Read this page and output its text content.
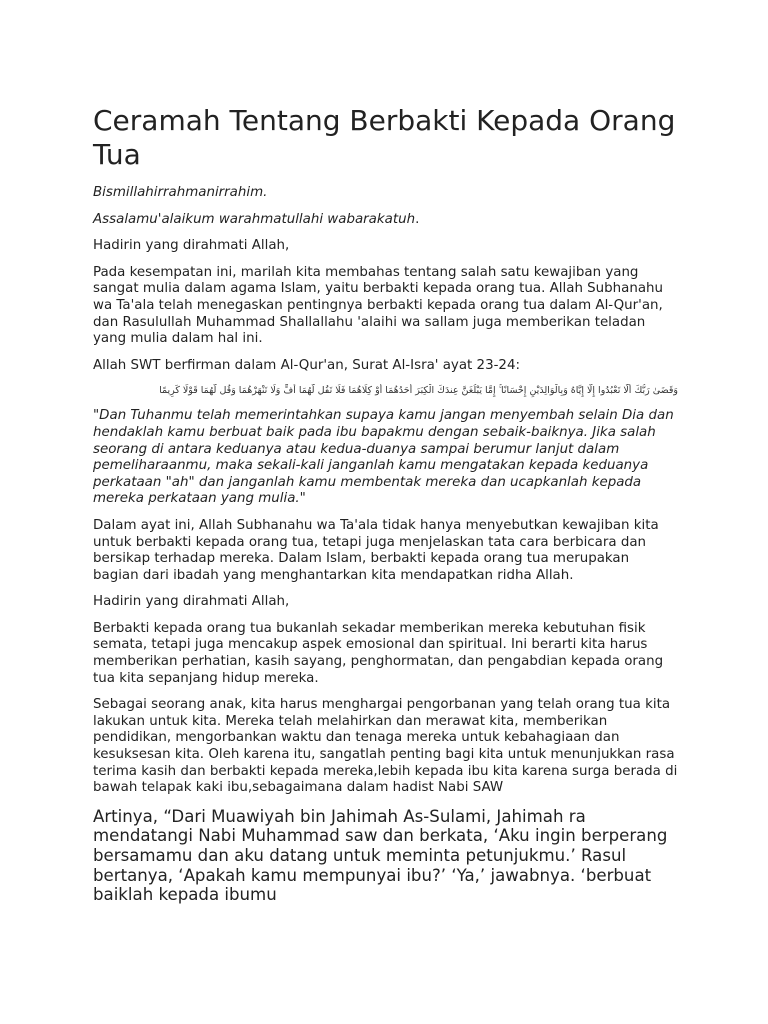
Ceramah Tentang Berbakti Kepada Orang Tua

Bismillahirrahmanirrahim.

Assalamu'alaikum warahmatullahi wabarakatuh.

Hadirin yang dirahmati Allah,

Pada kesempatan ini, marilah kita membahas tentang salah satu kewajiban yang sangat mulia dalam agama Islam, yaitu berbakti kepada orang tua. Allah Subhanahu wa Ta'ala telah menegaskan pentingnya berbakti kepada orang tua dalam Al-Qur'an, dan Rasulullah Muhammad Shallallahu 'alaihi wa sallam juga memberikan teladan yang mulia dalam hal ini.

Allah SWT berfirman dalam Al-Qur'an, Surat Al-Isra' ayat 23-24:

وَقَضَىٰ رَبُّكَ أَلَّا تَعْبُدُوا إِلَّا إِيَّاهُ وَبِالْوَالِدَيْنِ إِحْسَانًا ۚ إِمَّا يَبْلُغَنَّ عِندَكَ الْكِبَرَ أَحَدُهُمَا أَوْ كِلَاهُمَا فَلَا تَقُل لَّهُمَا أُفٍّ وَلَا تَنْهَرْهُمَا وَقُل لَّهُمَا قَوْلًا كَرِيمًا

"Dan Tuhanmu telah memerintahkan supaya kamu jangan menyembah selain Dia dan hendaklah kamu berbuat baik pada ibu bapakmu dengan sebaik-baiknya. Jika salah seorang di antara keduanya atau kedua-duanya sampai berumur lanjut dalam pemeliharaanmu, maka sekali-kali janganlah kamu mengatakan kepada keduanya perkataan "ah" dan janganlah kamu membentak mereka dan ucapkanlah kepada mereka perkataan yang mulia."

Dalam ayat ini, Allah Subhanahu wa Ta'ala tidak hanya menyebutkan kewajiban kita untuk berbakti kepada orang tua, tetapi juga menjelaskan tata cara berbicara dan bersikap terhadap mereka. Dalam Islam, berbakti kepada orang tua merupakan bagian dari ibadah yang menghantarkan kita mendapatkan ridha Allah.

Hadirin yang dirahmati Allah,

Berbakti kepada orang tua bukanlah sekadar memberikan mereka kebutuhan fisik semata, tetapi juga mencakup aspek emosional dan spiritual. Ini berarti kita harus memberikan perhatian, kasih sayang, penghormatan, dan pengabdian kepada orang tua kita sepanjang hidup mereka.

Sebagai seorang anak, kita harus menghargai pengorbanan yang telah orang tua kita lakukan untuk kita. Mereka telah melahirkan dan merawat kita, memberikan pendidikan, mengorbankan waktu dan tenaga mereka untuk kebahagiaan dan kesuksesan kita. Oleh karena itu, sangatlah penting bagi kita untuk menunjukkan rasa terima kasih dan berbakti kepada mereka,lebih kepada ibu kita karena surga berada di bawah telapak kaki ibu,sebagaimana dalam hadist Nabi SAW

Artinya, “Dari Muawiyah bin Jahimah As-Sulami, Jahimah ra mendatangi Nabi Muhammad saw dan berkata, ‘Aku ingin berperang bersamamu dan aku datang untuk meminta petunjukmu.’ Rasul bertanya, ‘Apakah kamu mempunyai ibu?’ ‘Ya,’ jawabnya. ‘berbuat baiklah kepada ibumu
